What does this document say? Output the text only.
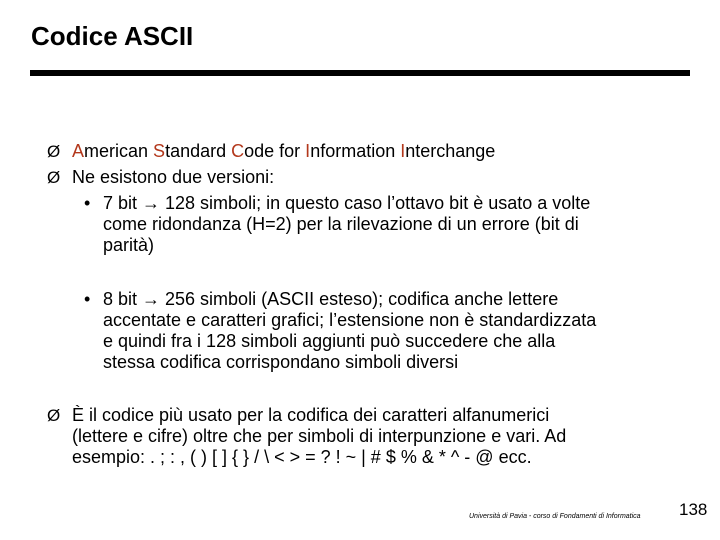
Codice ASCII
Ø American Standard Code for Information Interchange
Ø Ne esistono due versioni:
• 7 bit → 128 simboli; in questo caso l’ottavo bit è usato a volte
come ridondanza (H=2) per la rilevazione di un errore (bit di
parità)
• 8 bit → 256 simboli (ASCII esteso); codifica anche lettere
accentate e caratteri grafici; l’estensione non è standardizzata
e quindi fra i 128 simboli aggiunti può succedere che alla
stessa codifica corrispondano simboli diversi
Ø È il codice più usato per la codifica dei caratteri alfanumerici
(lettere e cifre) oltre che per simboli di interpunzione e vari. Ad
esempio: . ; : , ( ) [ ] { } / \ < > = ? ! ~ | # $ % & * ^ - @ ecc.
Università di Pavia - corso di Fondamenti di Informatica 138
